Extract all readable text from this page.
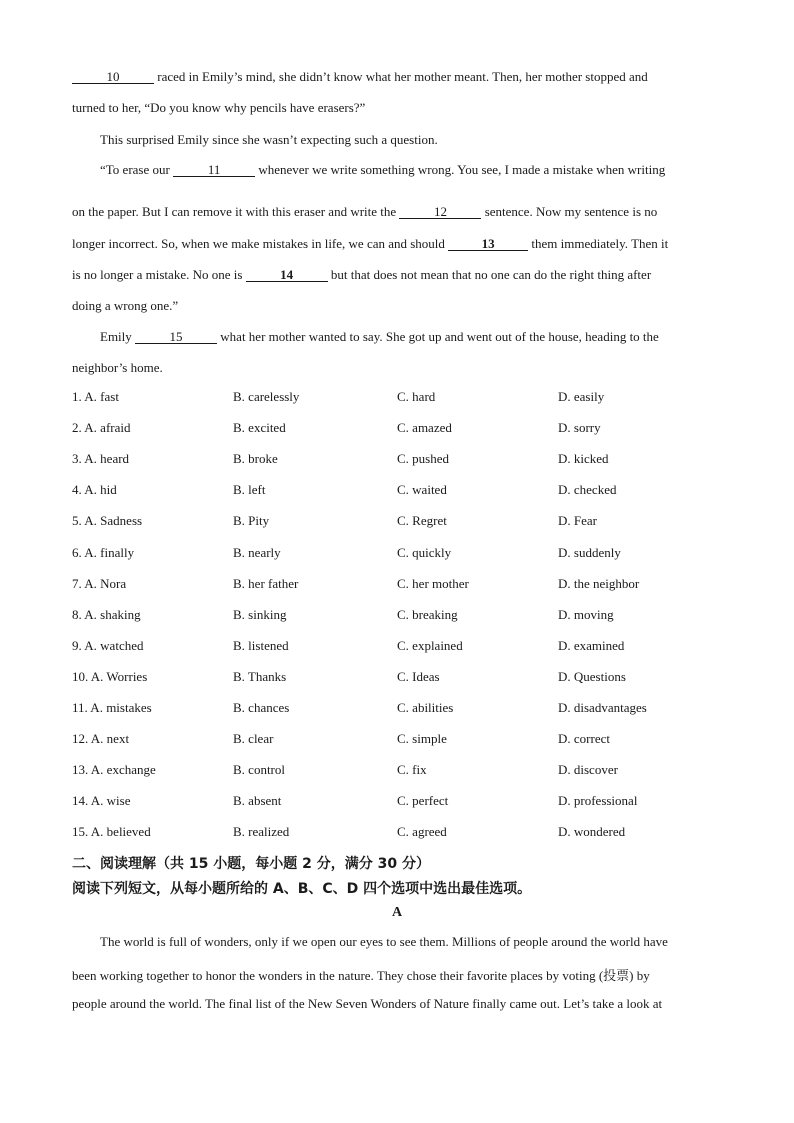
10	raced in Emily’s mind, she didn’t know what her mother meant. Then, her mother stopped and
turned to her, “Do you know why pencils have erasers?”
This surprised Emily since she wasn’t expecting such a question.
“To erase our	11	whenever we write something wrong. You see, I made a mistake when writing
on the paper. But I can remove it with this eraser and write the	12	sentence. Now my sentence is no
longer incorrect. So, when we make mistakes in life, we can and should	13	them immediately. Then it
is no longer a mistake. No one is	14	but that does not mean that no one can do the right thing after
doing a wrong one.”
Emily	15	what her mother wanted to say. She got up and went out of the house, heading to the
neighbor’s home.
1. A. fast	B. carelessly	C. hard	D. easily
2. A. afraid	B. excited	C. amazed	D. sorry
3. A. heard	B. broke	C. pushed	D. kicked
4. A. hid	B. left	C. waited	D. checked
5. A. Sadness	B. Pity	C. Regret	D. Fear
6. A. finally	B. nearly	C. quickly	D. suddenly
7. A. Nora	B. her father	C. her mother	D. the neighbor
8. A. shaking	B. sinking	C. breaking	D. moving
9. A. watched	B. listened	C. explained	D. examined
10. A. Worries	B. Thanks	C. Ideas	D. Questions
11. A. mistakes	B. chances	C. abilities	D. disadvantages
12. A. next	B. clear	C. simple	D. correct
13. A. exchange	B. control	C. fix	D. discover
14. A. wise	B. absent	C. perfect	D. professional
15. A. believed	B. realized	C. agreed	D. wondered
二、阅读理解（共 15 小题，每小题 2 分，满分 30 分）
阅读下列短文，从每小题所给的 A、B、C、D 四个选项中选出最佳选项。
A
The world is full of wonders, only if we open our eyes to see them. Millions of people around the world have
been working together to honor the wonders in the nature. They chose their favorite places by voting (投票) by
people around the world. The final list of the New Seven Wonders of Nature finally came out. Let’s take a look at
